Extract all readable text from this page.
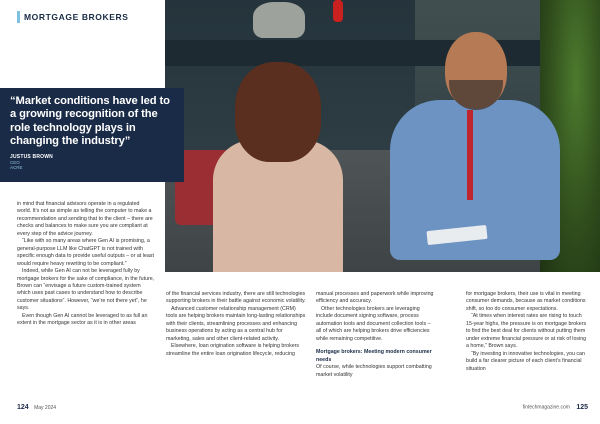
MORTGAGE BROKERS
“Market conditions have led to a growing recognition of the role technology plays in changing the industry”
JUSTUS BROWN
CEO
ACRE

in mind that financial advisors operate in a regulated world. It’s not as simple as telling the computer to make a recommendation and sending that to the client – there are checks and balances to make sure you are compliant at every step of the advice journey.

“Like with so many areas where Gen AI is promising, a general-purpose LLM like ChatGPT is not trained with specific enough data to provide useful outputs – or at least would require heavy rewriting to be compliant.”

Indeed, while Gen AI can not be leveraged fully by mortgage brokers for the sake of compliance, in the future, Brown can “envisage a future custom-trained system which uses past cases to understand how to describe customer situations”. However, “we’re not there yet”, he says.

Even though Gen AI cannot be leveraged to as full an extent in the mortgage sector as it is in other areas

of the financial services industry, there are still technologies supporting brokers in their battle against economic volatility.

Advanced customer relationship management (CRM) tools are helping brokers maintain long-lasting relationships with their clients, streamlining processes and enhancing business operations by acting as a central hub for marketing, sales and other client-related activity.

Elsewhere, loan origination software is helping brokers streamline the entire loan origination lifecycle, reducing

manual processes and paperwork while improving efficiency and accuracy.

Other technologies brokers are leveraging include document signing software, process automation tools and document collection tools – all of which are helping brokers drive efficiencies while remaining competitive.

Mortgage brokers: Meeting modern consumer needs

Of course, while technologies support combatting market volatility

for mortgage brokers, their use is vital in meeting consumer demands, because as market conditions shift, so too do consumer expectations.

“At times when interest rates are rising to touch 15-year highs, the pressure is on mortgage brokers to find the best deal for clients without putting them under extreme financial pressure or at risk of losing a home,” Brown says.

“By investing in innovative technologies, you can build a far clearer picture of each client’s financial situation

124 May 2024	fintechmagazine.com 125
